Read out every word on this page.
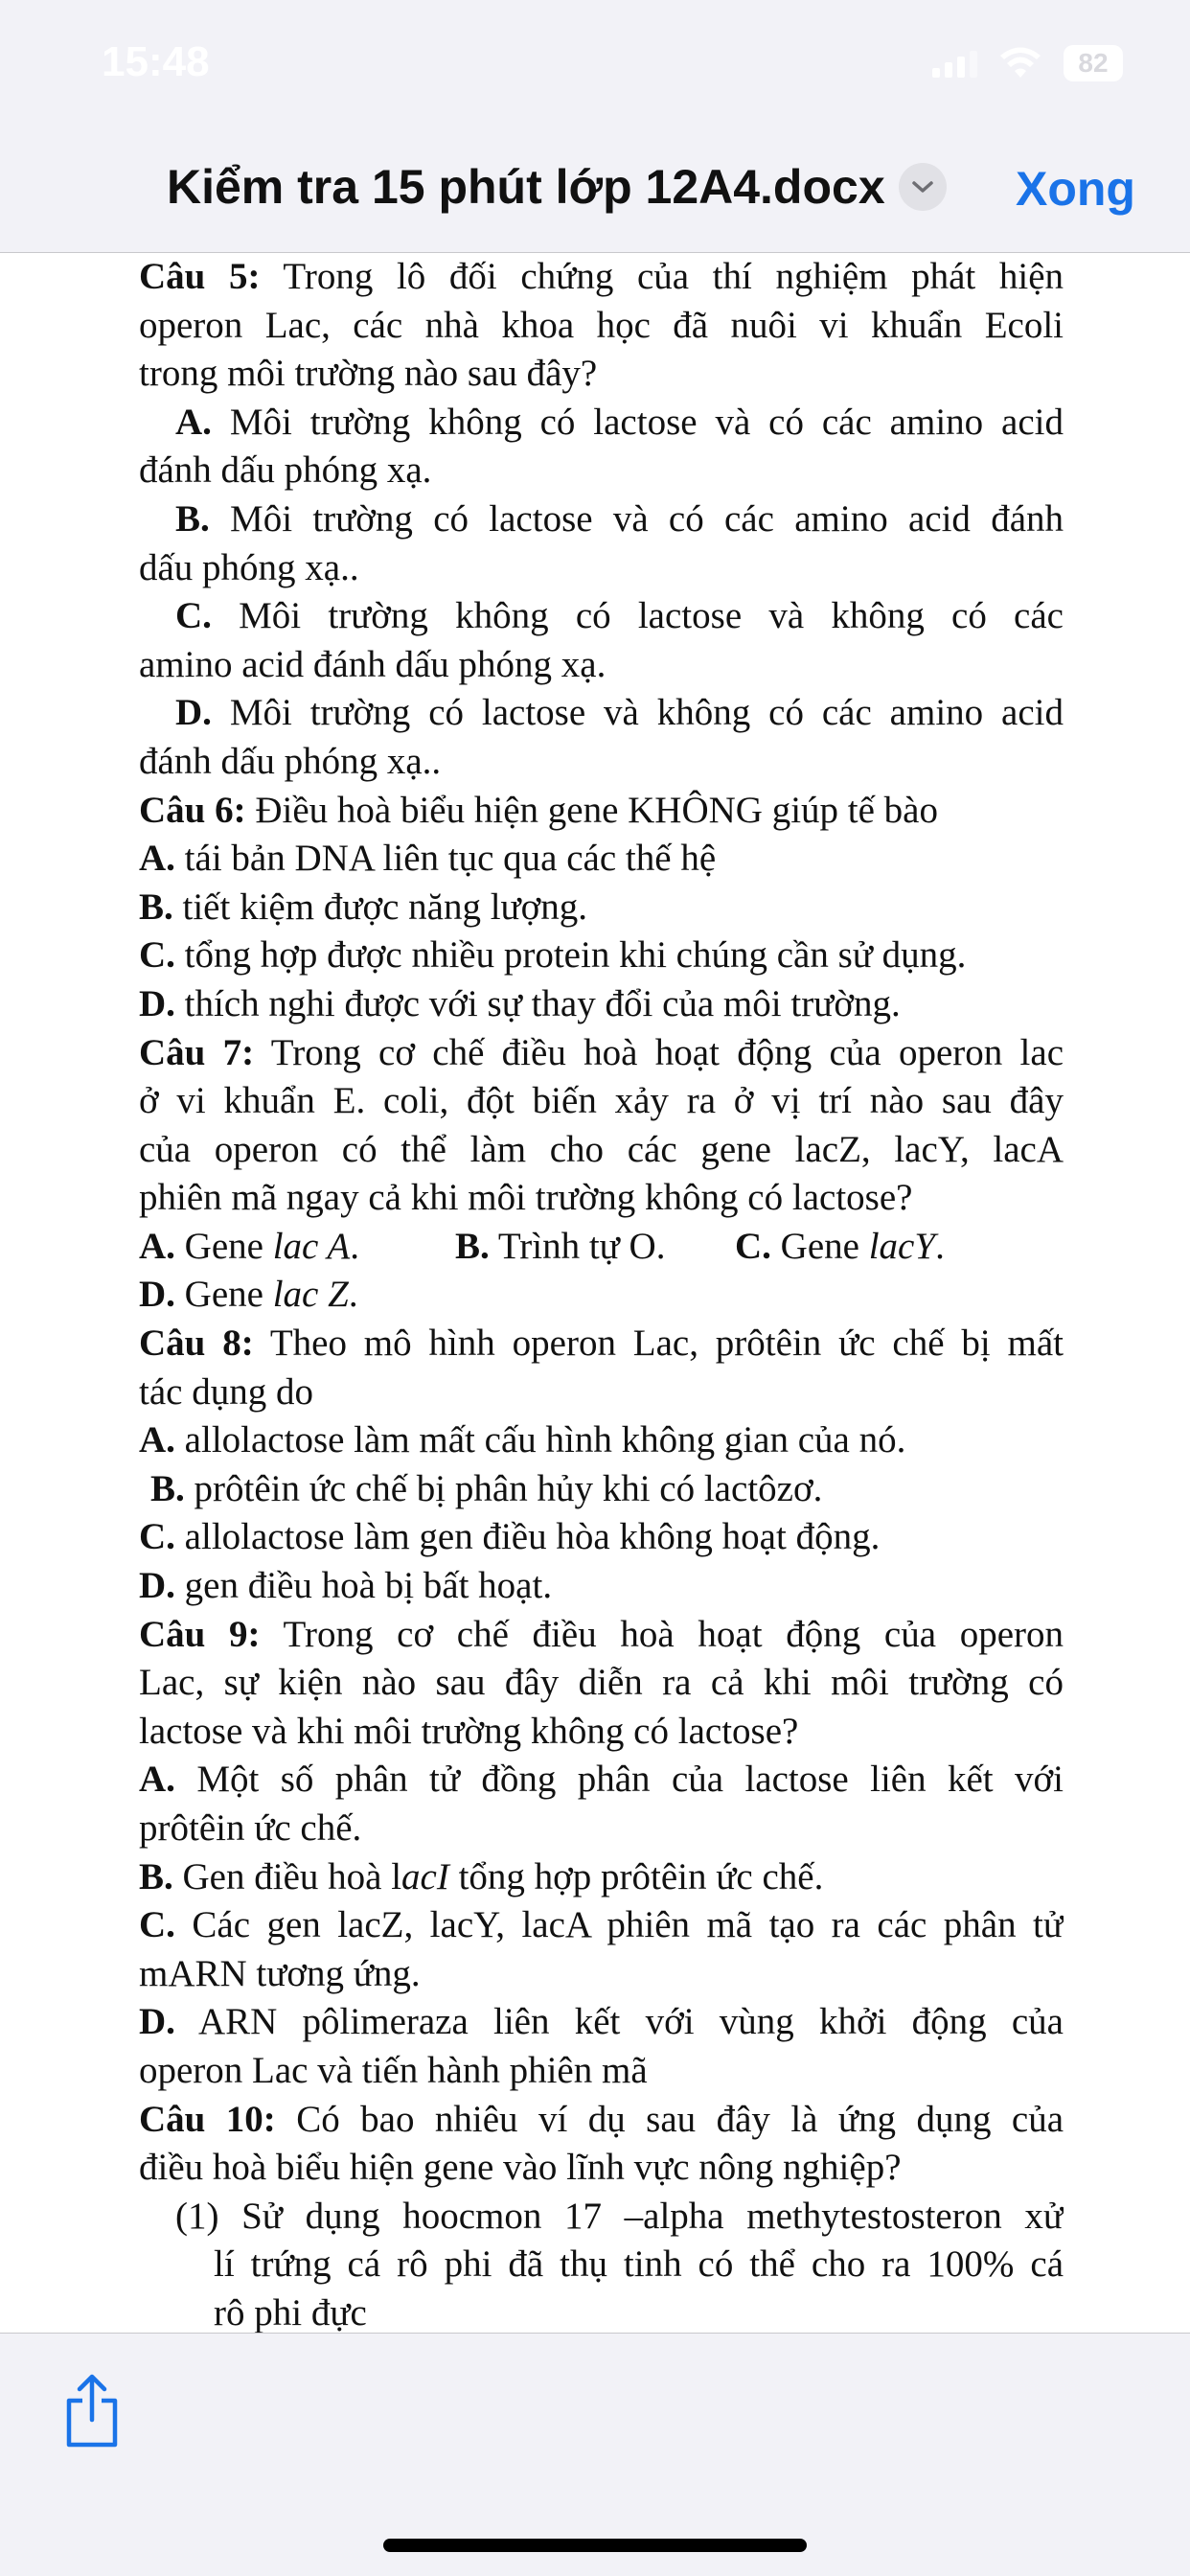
15:48	82
Kiểm tra 15 phút lớp 12A4.docx	Xong
Câu 5: Trong lô đối chứng của thí nghiệm phát hiện
operon Lac, các nhà khoa học đã nuôi vi khuẩn Ecoli
trong môi trường nào sau đây?
A. Môi trường không có lactose và có các amino acid
đánh dấu phóng xạ.
B. Môi trường có lactose và có các amino acid đánh
dấu phóng xạ..
C. Môi trường không có lactose và không có các
amino acid đánh dấu phóng xạ.
D. Môi trường có lactose và không có các amino acid
đánh dấu phóng xạ..
Câu 6: Điều hoà biểu hiện gene KHÔNG giúp tế bào
A. tái bản DNA liên tục qua các thế hệ
B. tiết kiệm được năng lượng.
C. tổng hợp được nhiều protein khi chúng cần sử dụng.
D. thích nghi được với sự thay đổi của môi trường.
Câu 7: Trong cơ chế điều hoà hoạt động của operon lac
ở vi khuẩn E. coli, đột biến xảy ra ở vị trí nào sau đây
của operon có thể làm cho các gene lacZ, lacY, lacA
phiên mã ngay cả khi môi trường không có lactose?
A. Gene lac A.	B. Trình tự O.	C. Gene lacY.
D. Gene lac Z.
Câu 8: Theo mô hình operon Lac, prôtêin ức chế bị mất
tác dụng do
A. allolactose làm mất cấu hình không gian của nó.
B. prôtêin ức chế bị phân hủy khi có lactôzơ.
C. allolactose làm gen điều hòa không hoạt động.
D. gen điều hoà bị bất hoạt.
Câu 9: Trong cơ chế điều hoà hoạt động của operon
Lac, sự kiện nào sau đây diễn ra cả khi môi trường có
lactose và khi môi trường không có lactose?
A. Một số phân tử đồng phân của lactose liên kết với
prôtêin ức chế.
B. Gen điều hoà lacI tổng hợp prôtêin ức chế.
C. Các gen lacZ, lacY, lacA phiên mã tạo ra các phân tử
mARN tương ứng.
D. ARN pôlimeraza liên kết với vùng khởi động của
operon Lac và tiến hành phiên mã
Câu 10: Có bao nhiêu ví dụ sau đây là ứng dụng của
điều hoà biểu hiện gene vào lĩnh vực nông nghiệp?
(1) Sử dụng hoocmon 17 –alpha methytestosteron xử
lí trứng cá rô phi đã thụ tinh có thể cho ra 100% cá
rô phi đực
